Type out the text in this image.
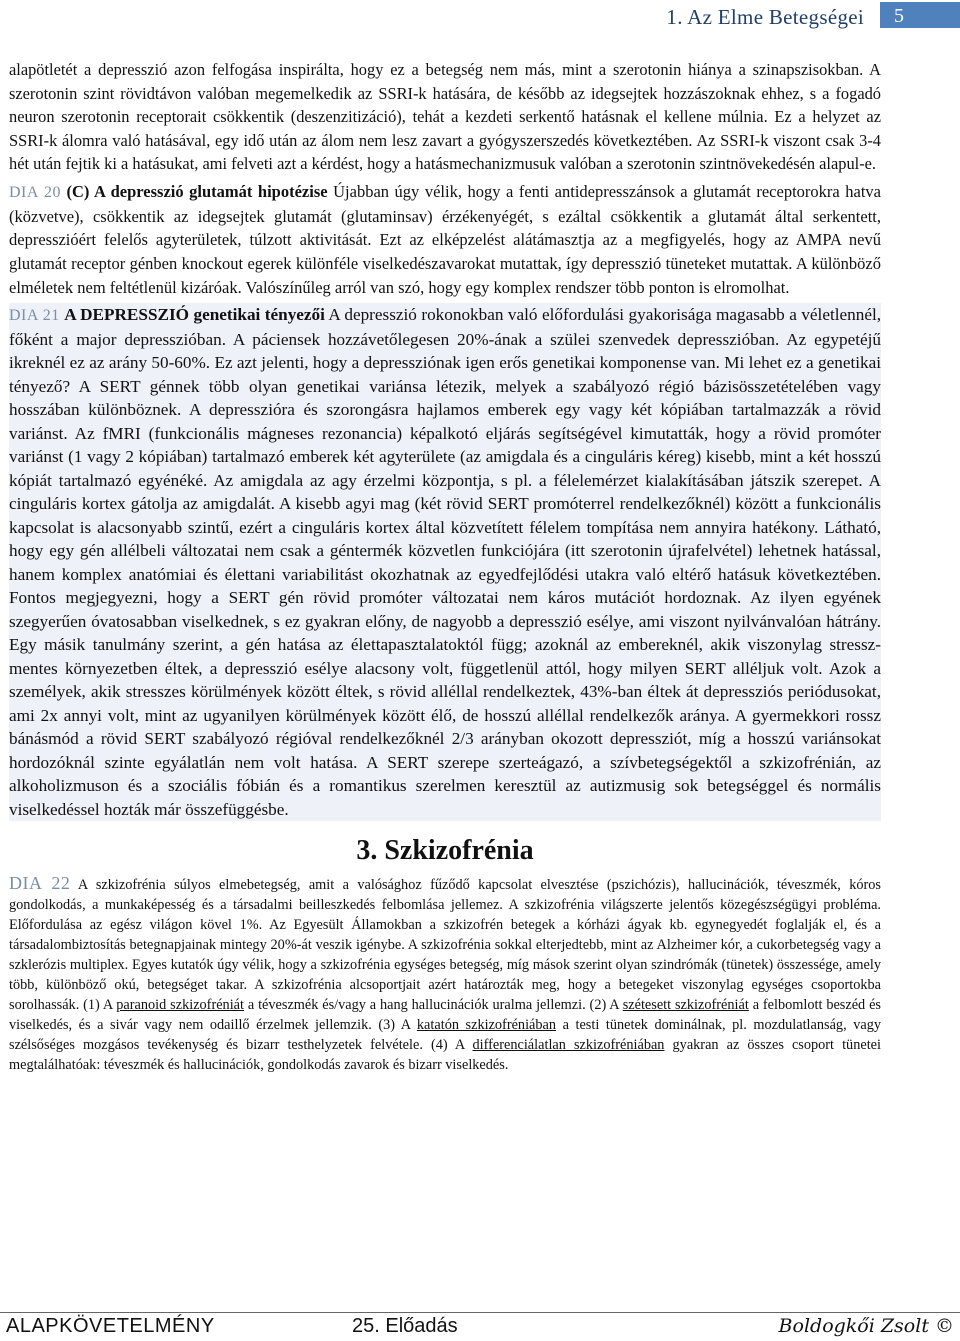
1. Az Elme Betegségei	5

alapötletét a depresszió azon felfogása inspirálta, hogy ez a betegség nem más, mint a szerotonin hiánya a szinapszisokban. A szerotonin szint rövidtávon valóban megemelkedik az SSRI-k hatására, de később az idegsejtek hozzászoknak ehhez, s a fogadó neuron szerotonin receptorait csökkentik (deszenzitizáció), tehát a kezdeti serkentő hatásnak el kellene múlnia. Ez a helyzet az SSRI-k álomra való hatásával, egy idő után az álom nem lesz zavart a gyógyszerszedés következtében. Az SSRI-k viszont csak 3-4 hét után fejtik ki a hatásukat, ami felveti azt a kérdést, hogy a hatásmechanizmusuk valóban a szerotonin szintnövekedésén alapul-e.

DIA 20 (C) A depresszió glutamát hipotézise Újabban úgy vélik, hogy a fenti antidepresszánsok a glutamát receptorokra hatva (közvetve), csökkentik az idegsejtek glutamát (glutaminsav) érzékenyégét, s ezáltal csökkentik a glutamát által serkentett, depresszióért felelős agyterületek, túlzott aktivitását. Ezt az elképzelést alátámasztja az a megfigyelés, hogy az AMPA nevű glutamát receptor génben knockout egerek különféle viselkedészavarokat mutattak, így depresszió tüneteket mutattak. A különböző elméletek nem feltétlenül kizáróak. Valószínűleg arról van szó, hogy egy komplex rendszer több ponton is elromolhat.

DIA 21 A DEPRESSZIÓ genetikai tényezői A depresszió rokonokban való előfordulási gyakorisága magasabb a véletlennél, főként a major depresszióban. A páciensek hozzávetőlegesen 20%-ának a szülei szenvedek depresszióban. Az egypetéjű ikreknél ez az arány 50-60%. Ez azt jelenti, hogy a depressziónak igen erős genetikai komponense van. Mi lehet ez a genetikai tényező? A SERT génnek több olyan genetikai variánsa létezik, melyek a szabályozó régió bázisösszetételében vagy hosszában különböznek. A depresszióra és szorongásra hajlamos emberek egy vagy két kópiában tartalmazzák a rövid variánst. Az fMRI (funkcionális mágneses rezonancia) képalkotó eljárás segítségével kimutatták, hogy a rövid promóter variánst (1 vagy 2 kópiában) tartalmazó emberek két agyterülete (az amigdala és a cinguláris kéreg) kisebb, mint a két hosszú kópiát tartalmazó egyénéké. Az amigdala az agy érzelmi központja, s pl. a félelemérzet kialakításában játszik szerepet. A cinguláris kortex gátolja az amigdalát. A kisebb agyi mag (két rövid SERT promóterrel rendelkezőknél) között a funkcionális kapcsolat is alacsonyabb szintű, ezért a cinguláris kortex által közvetített félelem tompítása nem annyira hatékony. Látható, hogy egy gén allélbeli változatai nem csak a géntermék közvetlen funkciójára (itt szerotonin újrafelvétel) lehetnek hatással, hanem komplex anatómiai és élettani variabilitást okozhatnak az egyedfejlődési utakra való eltérő hatásuk következtében. Fontos megjegyezni, hogy a SERT gén rövid promóter változatai nem káros mutációt hordoznak. Az ilyen egyének szegyerűen óvatosabban viselkednek, s ez gyakran előny, de nagyobb a depresszió esélye, ami viszont nyilvánvalóan hátrány. Egy másik tanulmány szerint, a gén hatása az élettapasztalatoktól függ; azoknál az embereknél, akik viszonylag stressz-mentes környezetben éltek, a depresszió esélye alacsony volt, függetlenül attól, hogy milyen SERT alléljuk volt. Azok a személyek, akik stresszes körülmények között éltek, s rövid alléllal rendelkeztek, 43%-ban éltek át depressziós periódusokat, ami 2x annyi volt, mint az ugyanilyen körülmények között élő, de hosszú alléllal rendelkezők aránya. A gyermekkori rossz bánásmód a rövid SERT szabályozó régióval rendelkezőknél 2/3 arányban okozott depressziót, míg a hosszú variánsokat hordozóknál szinte egyálatlán nem volt hatása. A SERT szerepe szerteágazó, a szívbetegségektől a szkizofrénián, az alkoholizmuson és a szociális fóbián és a romantikus szerelmen keresztül az autizmusig sok betegséggel és normális viselkedéssel hozták már összefüggésbe.

3. Szkizofrénia

DIA 22 A szkizofrénia súlyos elmebetegség, amit a valósághoz fűződő kapcsolat elvesztése (pszichózis), hallucinációk, téveszmék, kóros gondolkodás, a munkaképesség és a társadalmi beilleszkedés felbomlása jellemez. A szkizofrénia világszerte jelentős közegészségügyi probléma. Előfordulása az egész világon kövel 1%. Az Egyesült Államokban a szkizofrén betegek a kórházi ágyak kb. egynegyedét foglalják el, és a társadalombiztosítás betegnapjainak mintegy 20%-át veszik igénybe. A szkizofrénia sokkal elterjedtebb, mint az Alzheimer kór, a cukorbetegség vagy a szklerózis multiplex. Egyes kutatók úgy vélik, hogy a szkizofrénia egységes betegség, míg mások szerint olyan szindrómák (tünetek) összessége, amely több, különböző okú, betegséget takar. A szkizofrénia alcsoportjait azért határozták meg, hogy a betegeket viszonylag egységes csoportokba sorolhassák. (1) A paranoid szkizofréniát a téveszmék és/vagy a hang hallucinációk uralma jellemzi. (2) A szétesett szkizofréniát a felbomlott beszéd és viselkedés, és a sivár vagy nem odaillő érzelmek jellemzik. (3) A katatón szkizofréniában a testi tünetek dominálnak, pl. mozdulatlanság, vagy szélsőséges mozgásos tevékenység és bizarr testhelyzetek felvétele. (4) A differenciálatlan szkizofréniában gyakran az összes csoport tünetei megtalálhatóak: téveszmék és hallucinációk, gondolkodás zavarok és bizarr viselkedés.

ALAPKÖVETELMÉNY	25. Előadás	Boldogkői Zsolt ©
